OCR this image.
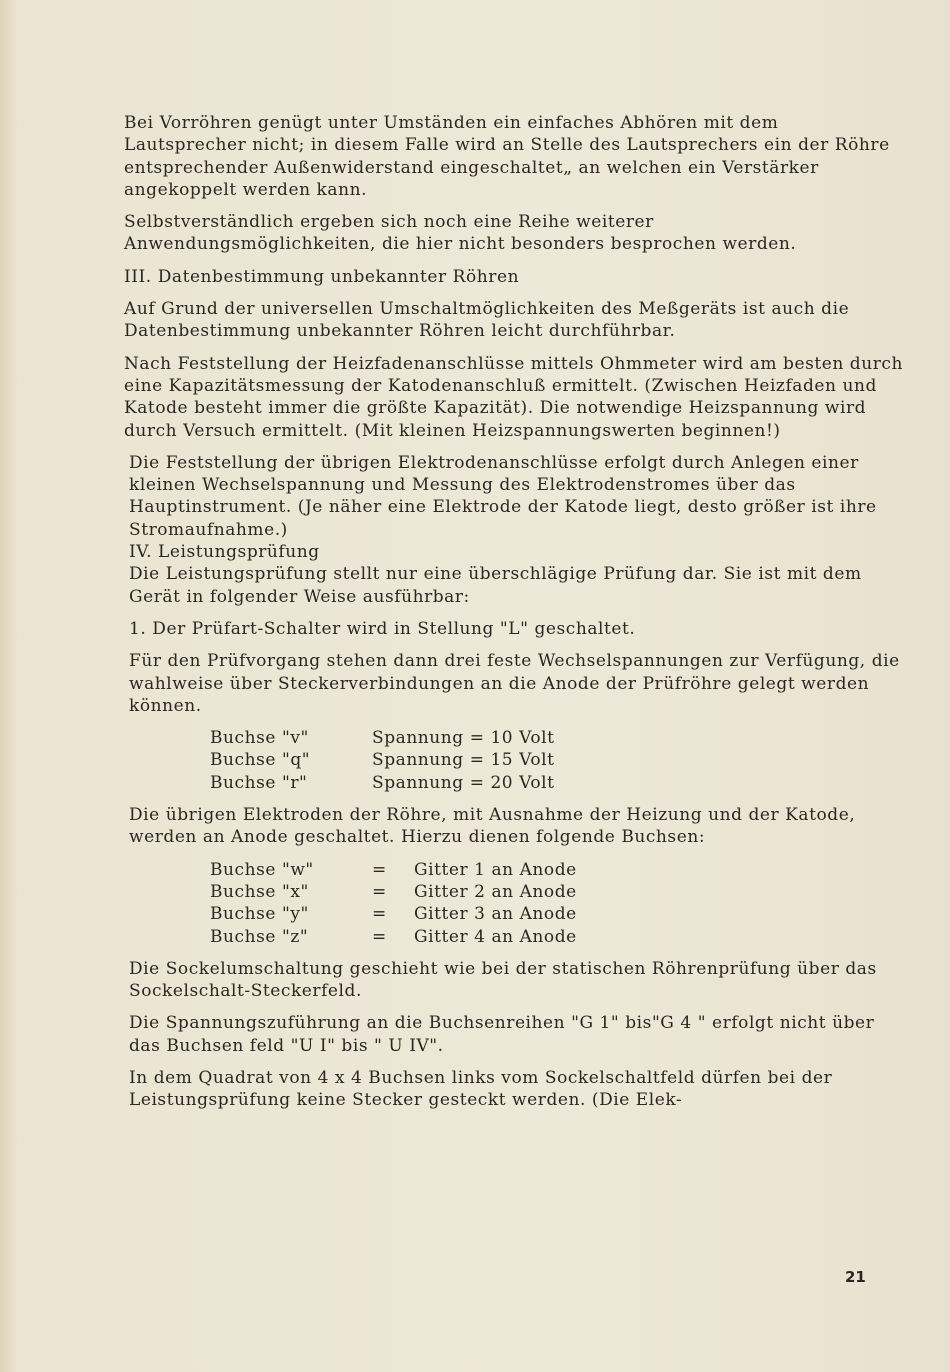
Bei Vorröhren genügt unter Umständen ein einfaches Abhören mit dem Lautsprecher nicht; in diesem Falle wird an Stelle des Lautsprechers ein der Röhre entsprechender Außenwiderstand eingeschaltet„ an welchen ein Verstärker angekoppelt werden kann.

Selbstverständlich ergeben sich noch eine Reihe weiterer Anwendungsmöglichkeiten, die hier nicht besonders besprochen werden.

III. Datenbestimmung unbekannter Röhren

Auf Grund der universellen Umschaltmöglichkeiten des Meßgeräts ist auch die Datenbestimmung unbekannter Röhren leicht durchführbar.

Nach Feststellung der Heizfadenanschlüsse mittels Ohmmeter wird am besten durch eine Kapazitätsmessung der Katodenanschluß ermittelt. (Zwischen Heizfaden und Katode besteht immer die größte Kapazität). Die notwendige Heizspannung wird durch Versuch ermittelt. (Mit kleinen Heizspannungswerten beginnen!)

Die Feststellung der übrigen Elektrodenanschlüsse erfolgt durch Anlegen einer kleinen Wechselspannung und Messung des Elektrodenstromes über das Hauptinstrument. (Je näher eine Elektrode der Katode liegt, desto größer ist ihre Stromaufnahme.)

IV. Leistungsprüfung

Die Leistungsprüfung stellt nur eine überschlägige Prüfung dar. Sie ist mit dem Gerät in folgender Weise ausführbar:

1. Der Prüfart-Schalter wird in Stellung "L" geschaltet.

Für den Prüfvorgang stehen dann drei feste Wechselspannungen zur Verfügung, die wahlweise über Steckerverbindungen an die Anode der Prüfröhre gelegt werden können.

Buchse "v"	Spannung = 10 Volt
Buchse "q"	Spannung = 15 Volt
Buchse "r"	Spannung = 20 Volt

Die übrigen Elektroden der Röhre, mit Ausnahme der Heizung und der Katode, werden an Anode geschaltet. Hierzu dienen folgende Buchsen:

Buchse "w"	=	Gitter 1 an Anode
Buchse "x"	=	Gitter 2 an Anode
Buchse "y"	=	Gitter 3 an Anode
Buchse "z"	=	Gitter 4 an Anode

Die Sockelumschaltung geschieht wie bei der statischen Röhrenprüfung über das Sockelschalt-Steckerfeld.

Die Spannungszuführung an die Buchsenreihen "G 1" bis"G 4 " erfolgt nicht über das Buchsen feld "U I" bis " U IV".

In dem Quadrat von 4 x 4 Buchsen links vom Sockelschaltfeld dürfen bei der Leistungsprüfung keine Stecker gesteckt werden. (Die Elek-

21
